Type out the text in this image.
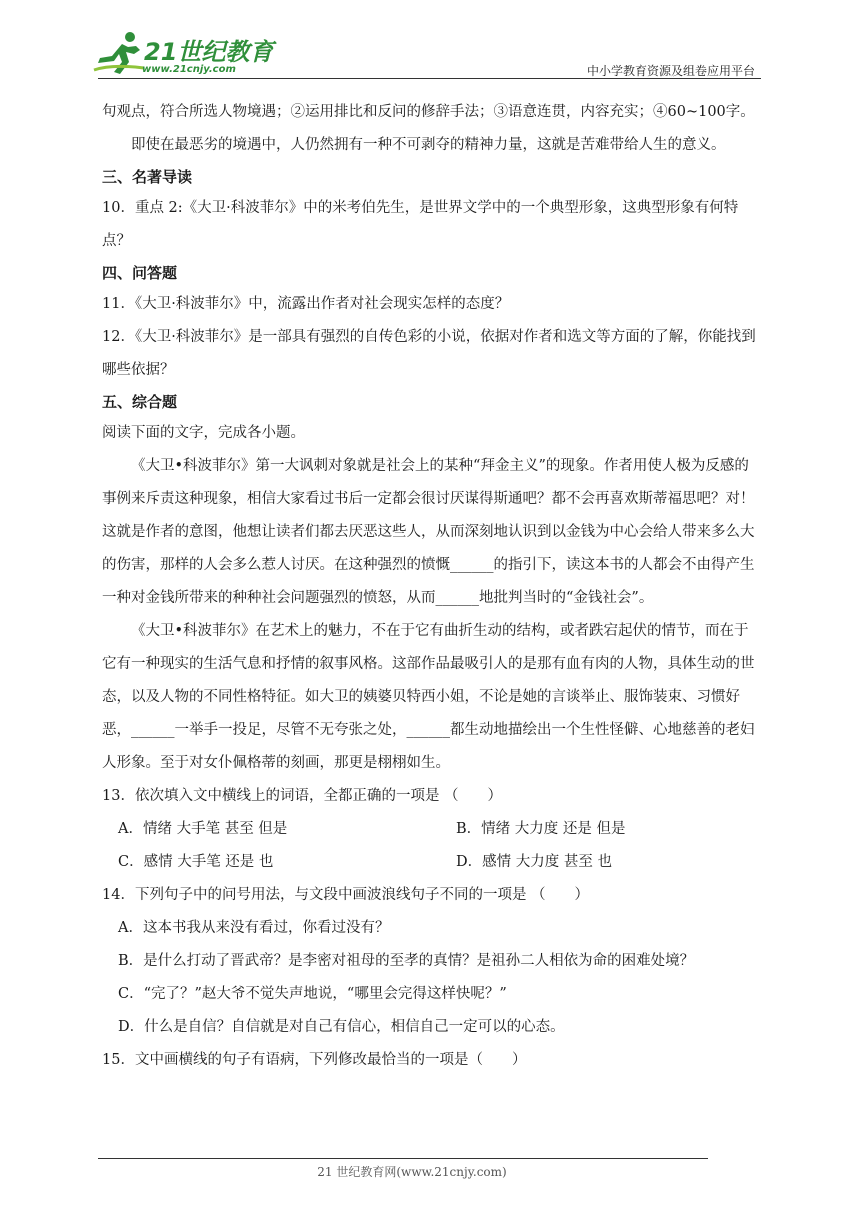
21世纪教育
www.21cnjy.com	中小学教育资源及组卷应用平台

句观点，符合所选人物境遇；②运用排比和反问的修辞手法；③语意连贯，内容充实；④60~100字。

即使在最恶劣的境遇中，人仍然拥有一种不可剥夺的精神力量，这就是苦难带给人生的意义。

三、名著导读

10．重点 2:《大卫·科波菲尔》中的米考伯先生，是世界文学中的一个典型形象，这典型形象有何特点？

四、问答题

11．《大卫·科波菲尔》中，流露出作者对社会现实怎样的态度？

12．《大卫·科波菲尔》是一部具有强烈的自传色彩的小说，依据对作者和选文等方面的了解，你能找到哪些依据？

五、综合题

阅读下面的文字，完成各小题。

《大卫•科波菲尔》第一大讽刺对象就是社会上的某种“拜金主义”的现象。作者用使人极为反感的事例来斥责这种现象，相信大家看过书后一定都会很讨厌谋得斯通吧？都不会再喜欢斯蒂福思吧？对！这就是作者的意图，他想让读者们都去厌恶这些人，从而深刻地认识到以金钱为中心会给人带来多么大的伤害，那样的人会多么惹人讨厌。在这种强烈的愤慨______的指引下，读这本书的人都会不由得产生一种对金钱所带来的种种社会问题强烈的愤怒，从而______地批判当时的“金钱社会”。

《大卫•科波菲尔》在艺术上的魅力，不在于它有曲折生动的结构，或者跌宕起伏的情节，而在于它有一种现实的生活气息和抒情的叙事风格。这部作品最吸引人的是那有血有肉的人物，具体生动的世态，以及人物的不同性格特征。如大卫的姨婆贝特西小姐，不论是她的言谈举止、服饰装束、习惯好恶，______一举手一投足，尽管不无夸张之处，______都生动地描绘出一个生性怪僻、心地慈善的老妇人形象。至于对女仆佩格蒂的刻画，那更是栩栩如生。

13．依次填入文中横线上的词语，全都正确的一项是 （　　）

A．情绪 大手笔 甚至 但是	B．情绪 大力度 还是 但是
C．感情 大手笔 还是 也	D．感情 大力度 甚至 也

14．下列句子中的问号用法，与文段中画波浪线句子不同的一项是 （　　）

A．这本书我从来没有看过，你看过没有？

B．是什么打动了晋武帝？是李密对祖母的至孝的真情？是祖孙二人相依为命的困难处境？

C．“完了？”赵大爷不觉失声地说，“哪里会完得这样快呢？”

D．什么是自信？自信就是对自己有信心，相信自己一定可以的心态。

15．文中画横线的句子有语病，下列修改最恰当的一项是（　　）

21 世纪教育网(www.21cnjy.com)
